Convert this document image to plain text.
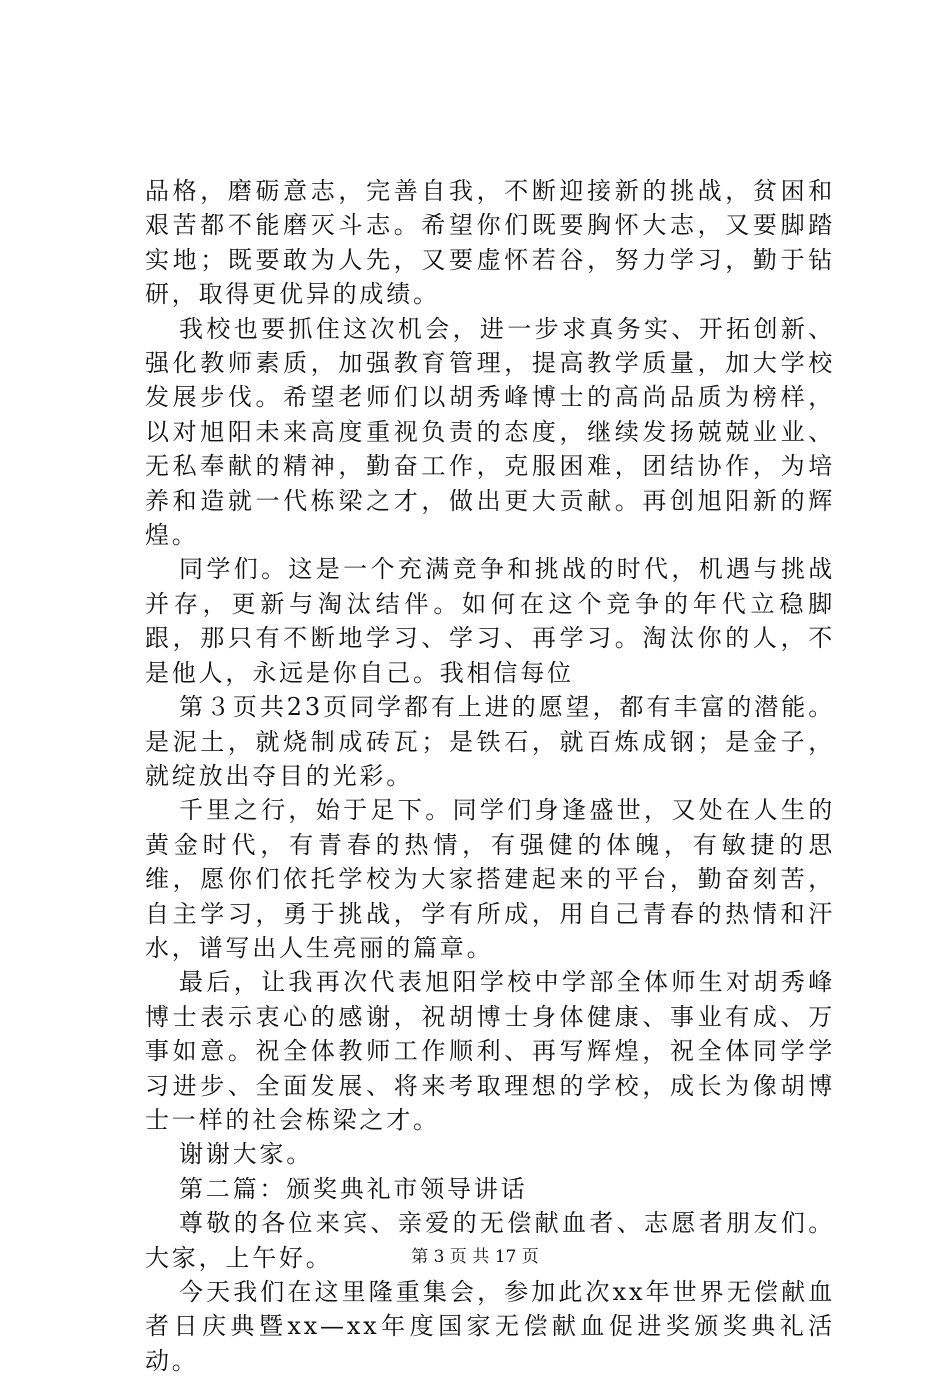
品格，磨砺意志，完善自我，不断迎接新的挑战，贫困和艰苦都不能磨灭斗志。希望你们既要胸怀大志，又要脚踏实地；既要敢为人先，又要虚怀若谷，努力学习，勤于钻研，取得更优异的成绩。

我校也要抓住这次机会，进一步求真务实、开拓创新、强化教师素质，加强教育管理，提高教学质量，加大学校发展步伐。希望老师们以胡秀峰博士的高尚品质为榜样，以对旭阳未来高度重视负责的态度，继续发扬兢兢业业、无私奉献的精神，勤奋工作，克服困难，团结协作，为培养和造就一代栋梁之才，做出更大贡献。再创旭阳新的辉煌。

同学们。这是一个充满竞争和挑战的时代，机遇与挑战并存，更新与淘汰结伴。如何在这个竞争的年代立稳脚跟，那只有不断地学习、学习、再学习。淘汰你的人，不是他人，永远是你自己。我相信每位

第３页共23页同学都有上进的愿望，都有丰富的潜能。是泥土，就烧制成砖瓦；是铁石，就百炼成钢；是金子，就绽放出夺目的光彩。

千里之行，始于足下。同学们身逢盛世，又处在人生的黄金时代，有青春的热情，有强健的体魄，有敏捷的思维，愿你们依托学校为大家搭建起来的平台，勤奋刻苦，自主学习，勇于挑战，学有所成，用自己青春的热情和汗水，谱写出人生亮丽的篇章。

最后，让我再次代表旭阳学校中学部全体师生对胡秀峰博士表示衷心的感谢，祝胡博士身体健康、事业有成、万事如意。祝全体教师工作顺利、再写辉煌，祝全体同学学习进步、全面发展、将来考取理想的学校，成长为像胡博士一样的社会栋梁之才。

谢谢大家。

第二篇：颁奖典礼市领导讲话

尊敬的各位来宾、亲爱的无偿献血者、志愿者朋友们。大家，上午好。

今天我们在这里隆重集会，参加此次xx年世界无偿献血者日庆典暨xx—xx年度国家无偿献血促进奖颁奖典礼活动。

第 3 页 共 17 页
